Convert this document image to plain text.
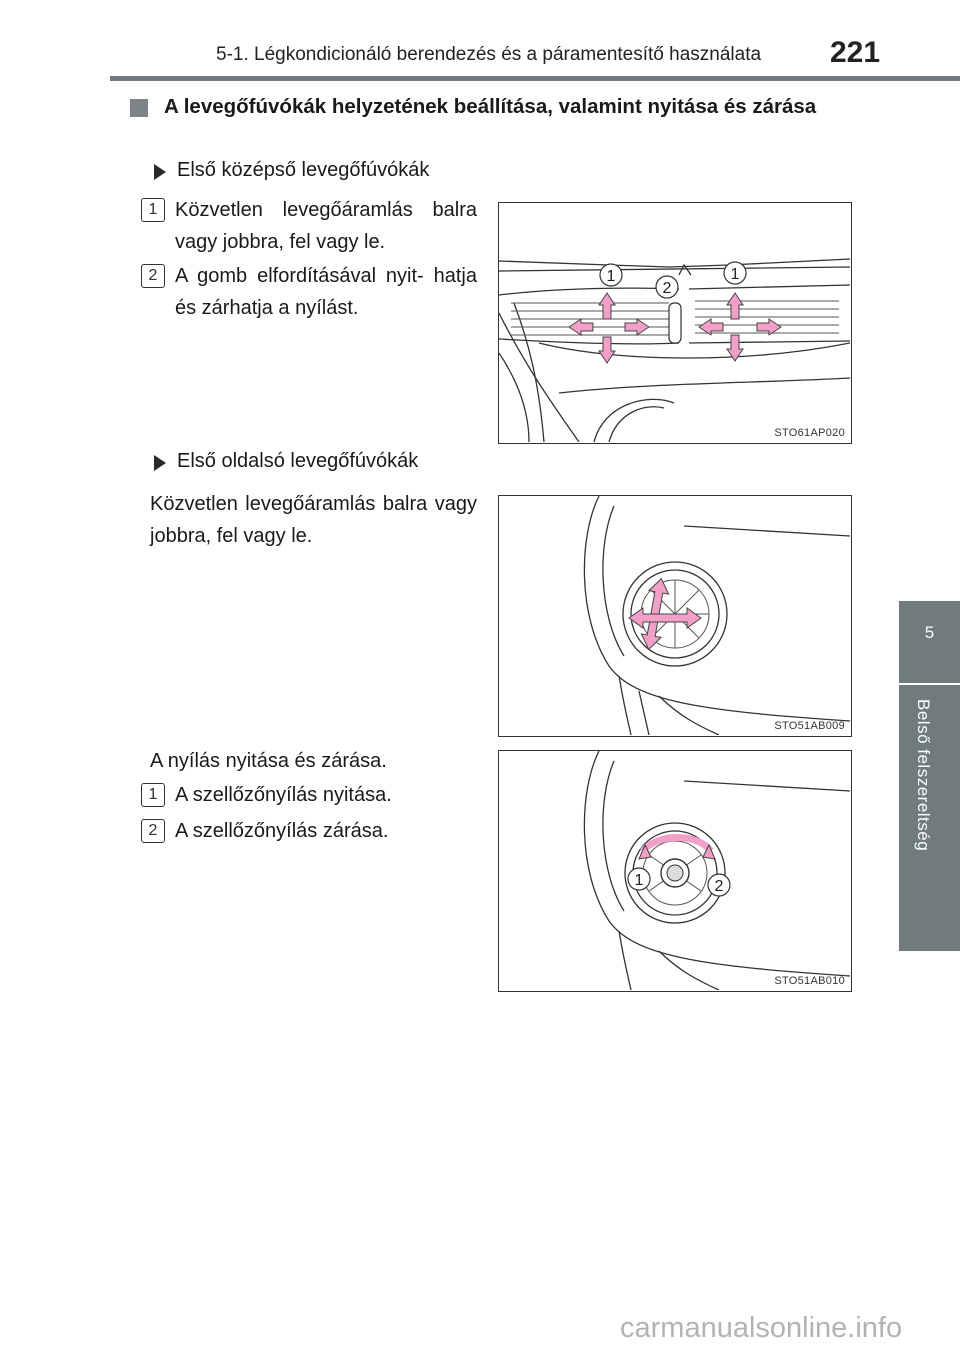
5-1. Légkondicionáló berendezés és a páramentesítő használata 221
5
Belső felszereltség
A levegőfúvókák helyzetének beállítása, valamint nyitása és zárása
Első középső levegőfúvókák
1 Közvetlen levegőáramlás balra vagy jobbra, fel vagy le.
2 A gomb elfordításával nyit- hatja és zárhatja a nyílást.
1
2
1
STO61AP020
Első oldalsó levegőfúvókák
Közvetlen levegőáramlás balra vagy jobbra, fel vagy le.
STO51AB009
A nyílás nyitása és zárása.
1 A szellőzőnyílás nyitása.
2 A szellőzőnyílás zárása.
1	2
STO51AB010
carmanualsonline.info
